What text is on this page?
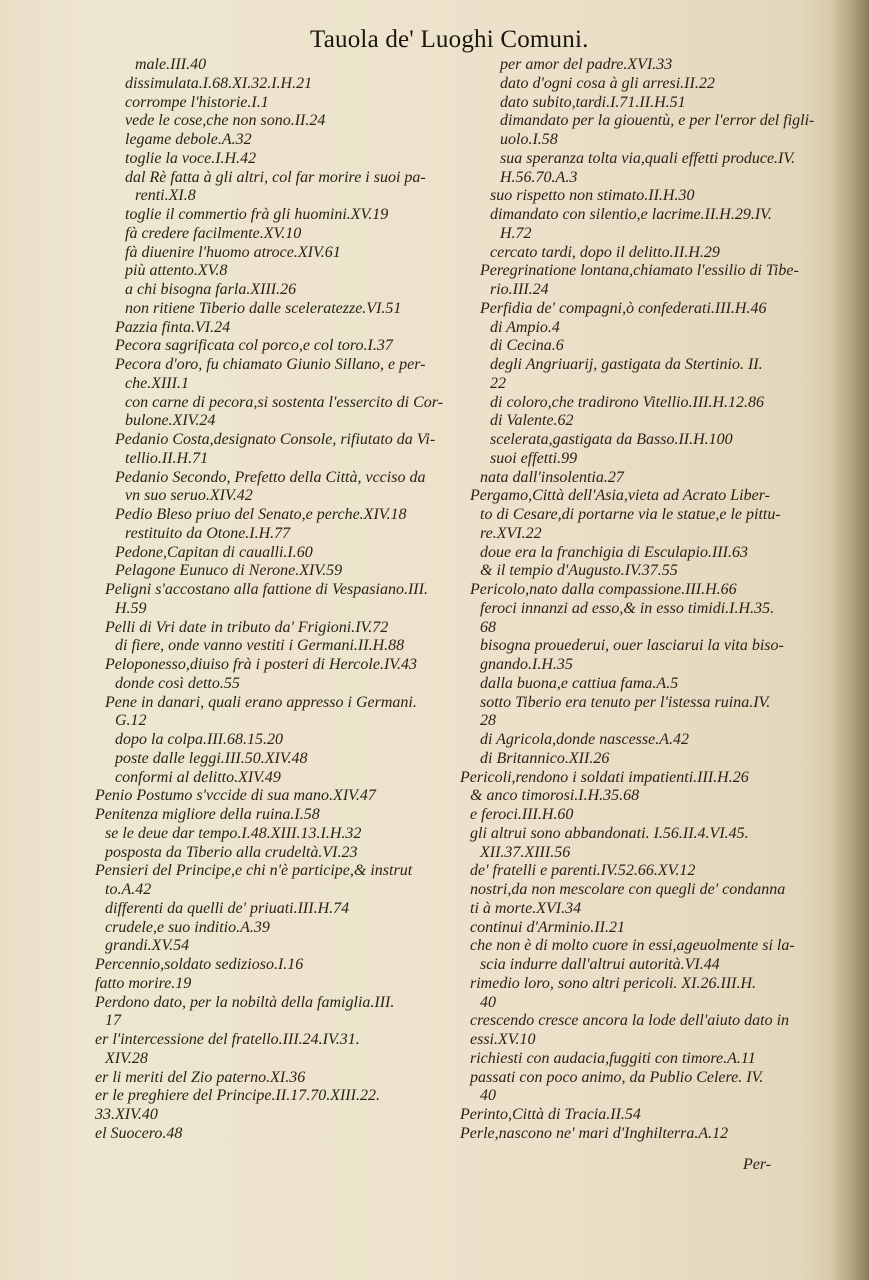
Tauola de' Luoghi Comuni.
male.III.40
dissimulata.I.68.XI.32.I.H.21
corrompe l'historie.I.1
vede le cose,che non sono.II.24
legame debole.A.32
toglie la voce.I.H.42
dal Rè fatta à gli altri, col far morire i suoi pa-
renti.XI.8
toglie il commertio frà gli huomini.XV.19
fà credere facilmente.XV.10
fà diuenire l'huomo atroce.XIV.61
più attento.XV.8
a chi bisogna farla.XIII.26
non ritiene Tiberio dalle sceleratezze.VI.51
Pazzia finta.VI.24
Pecora sagrificata col porco,e col toro.I.37
Pecora d'oro, fu chiamato Giunio Sillano, e per-
che.XIII.1
con carne di pecora,si sostenta l'essercito di Cor-
bulone.XIV.24
Pedanio Costa,designato Console, rifiutato da Vi-
tellio.II.H.71
Pedanio Secondo, Prefetto della Città, vcciso da
vn suo seruo.XIV.42
Pedio Bleso priuo del Senato,e perche.XIV.18
restituito da Otone.I.H.77
Pedone,Capitan di caualli.I.60
Pelagone Eunuco di Nerone.XIV.59
Peligni s'accostano alla fattione di Vespasiano.III.
H.59
Pelli di Vri date in tributo da' Frigioni.IV.72
di fiere, onde vanno vestiti i Germani.II.H.88
Peloponesso,diuiso frà i posteri di Hercole.IV.43
donde così detto.55
Pene in danari, quali erano appresso i Germani.
G.12
dopo la colpa.III.68.15.20
poste dalle leggi.III.50.XIV.48
conformi al delitto.XIV.49
Penio Postumo s'vccide di sua mano.XIV.47
Penitenza migliore della ruina.I.58
se le deue dar tempo.I.48.XIII.13.I.H.32
posposta da Tiberio alla crudeltà.VI.23
Pensieri del Principe,e chi n'è participe,& instrut
to.A.42
differenti da quelli de' priuati.III.H.74
crudele,e suo inditio.A.39
grandi.XV.54
Percennio,soldato sedizioso.I.16
fatto morire.19
Perdono dato, per la nobiltà della famiglia.III.
17
er l'intercessione del fratello.III.24.IV.31.
XIV.28
er li meriti del Zio paterno.XI.36
er le preghiere del Principe.II.17.70.XIII.22.
33.XIV.40
el Suocero.48
per amor del padre.XVI.33
dato d'ogni cosa à gli arresi.II.22
dato subito,tardi.I.71.II.H.51
dimandato per la giouentù, e per l'error del figli-
uolo.I.58
sua speranza tolta via,quali effetti produce.IV.
H.56.70.A.3
suo rispetto non stimato.II.H.30
dimandato con silentio,e lacrime.II.H.29.IV.
H.72
cercato tardi, dopo il delitto.II.H.29
Peregrinatione lontana,chiamato l'essilio di Tibe-
rio.III.24
Perfidia de' compagni,ò confederati.III.H.46
di Ampio.4
di Cecina.6
degli Angriuarij, gastigata da Stertinio. II.
22
di coloro,che tradirono Vitellio.III.H.12.86
di Valente.62
scelerata,gastigata da Basso.II.H.100
suoi effetti.99
nata dall'insolentia.27
Pergamo,Città dell'Asia,vieta ad Acrato Liber-
to di Cesare,di portarne via le statue,e le pittu-
re.XVI.22
doue era la franchigia di Esculapio.III.63
& il tempio d'Augusto.IV.37.55
Pericolo,nato dalla compassione.III.H.66
feroci innanzi ad esso,& in esso timidi.I.H.35.
68
bisogna prouederui, ouer lasciarui la vita biso-
gnando.I.H.35
dalla buona,e cattiua fama.A.5
sotto Tiberio era tenuto per l'istessa ruina.IV.
28
di Agricola,donde nascesse.A.42
di Britannico.XII.26
Pericoli,rendono i soldati impatienti.III.H.26
& anco timorosi.I.H.35.68
e feroci.III.H.60
gli altrui sono abbandonati. I.56.II.4.VI.45.
XII.37.XIII.56
de' fratelli e parenti.IV.52.66.XV.12
nostri,da non mescolare con quegli de' condanna
ti à morte.XVI.34
continui d'Arminio.II.21
che non è di molto cuore in essi,ageuolmente si la-
scia indurre dall'altrui autorità.VI.44
rimedio loro, sono altri pericoli. XI.26.III.H.
40
crescendo cresce ancora la lode dell'aiuto dato in
essi.XV.10
richiesti con audacia,fuggiti con timore.A.11
passati con poco animo, da Publio Celere. IV.
40
Perinto,Città di Tracia.II.54
Perle,nascono ne' mari d'Inghilterra.A.12
Per-
